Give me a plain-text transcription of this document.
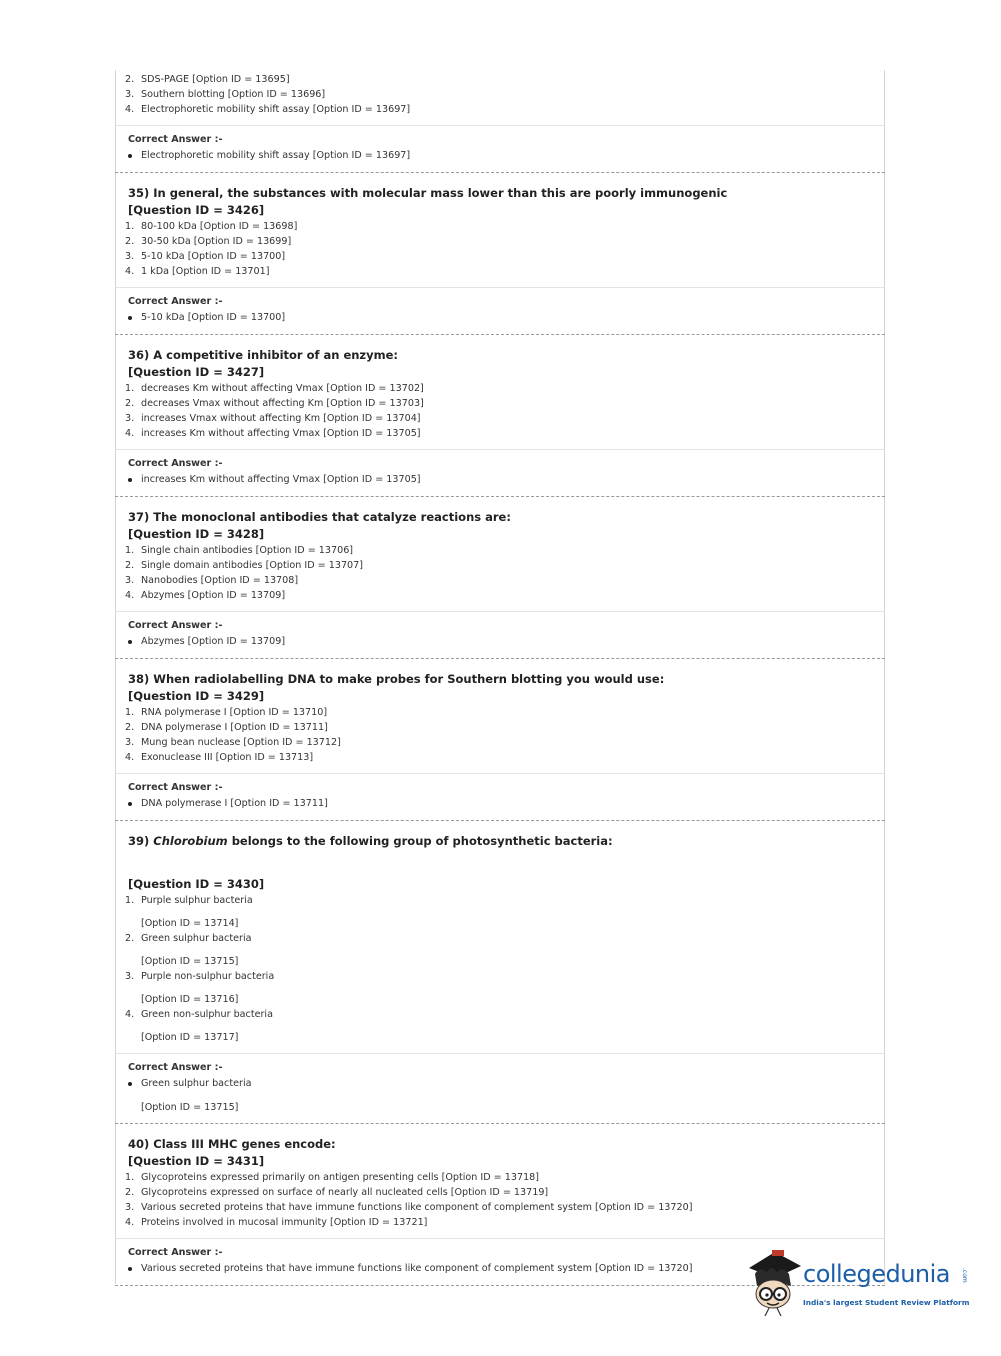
2. SDS-PAGE [Option ID = 13695]
3. Southern blotting [Option ID = 13696]
4. Electrophoretic mobility shift assay [Option ID = 13697]
Correct Answer :-
Electrophoretic mobility shift assay [Option ID = 13697]
35) In general, the substances with molecular mass lower than this are poorly immunogenic
[Question ID = 3426]
1. 80-100 kDa [Option ID = 13698]
2. 30-50 kDa [Option ID = 13699]
3. 5-10 kDa [Option ID = 13700]
4. 1 kDa [Option ID = 13701]
Correct Answer :-
5-10 kDa [Option ID = 13700]
36) A competitive inhibitor of an enzyme:
[Question ID = 3427]
1. decreases Km without affecting Vmax [Option ID = 13702]
2. decreases Vmax without affecting Km [Option ID = 13703]
3. increases Vmax without affecting Km [Option ID = 13704]
4. increases Km without affecting Vmax [Option ID = 13705]
Correct Answer :-
increases Km without affecting Vmax [Option ID = 13705]
37) The monoclonal antibodies that catalyze reactions are:
[Question ID = 3428]
1. Single chain antibodies [Option ID = 13706]
2. Single domain antibodies [Option ID = 13707]
3. Nanobodies [Option ID = 13708]
4. Abzymes [Option ID = 13709]
Correct Answer :-
Abzymes [Option ID = 13709]
38) When radiolabelling DNA to make probes for Southern blotting you would use:
[Question ID = 3429]
1. RNA polymerase I [Option ID = 13710]
2. DNA polymerase I [Option ID = 13711]
3. Mung bean nuclease [Option ID = 13712]
4. Exonuclease III [Option ID = 13713]
Correct Answer :-
DNA polymerase I [Option ID = 13711]
39) Chlorobium belongs to the following group of photosynthetic bacteria:
[Question ID = 3430]
1. Purple sulphur bacteria
[Option ID = 13714]
2. Green sulphur bacteria
[Option ID = 13715]
3. Purple non-sulphur bacteria
[Option ID = 13716]
4. Green non-sulphur bacteria
[Option ID = 13717]
Correct Answer :-
Green sulphur bacteria
[Option ID = 13715]
40) Class III MHC genes encode:
[Question ID = 3431]
1. Glycoproteins expressed primarily on antigen presenting cells [Option ID = 13718]
2. Glycoproteins expressed on surface of nearly all nucleated cells [Option ID = 13719]
3. Various secreted proteins that have immune functions like component of complement system [Option ID = 13720]
4. Proteins involved in mucosal immunity [Option ID = 13721]
Correct Answer :-
Various secreted proteins that have immune functions like component of complement system [Option ID = 13720]	collegedunia .com
India's largest Student Review Platform
